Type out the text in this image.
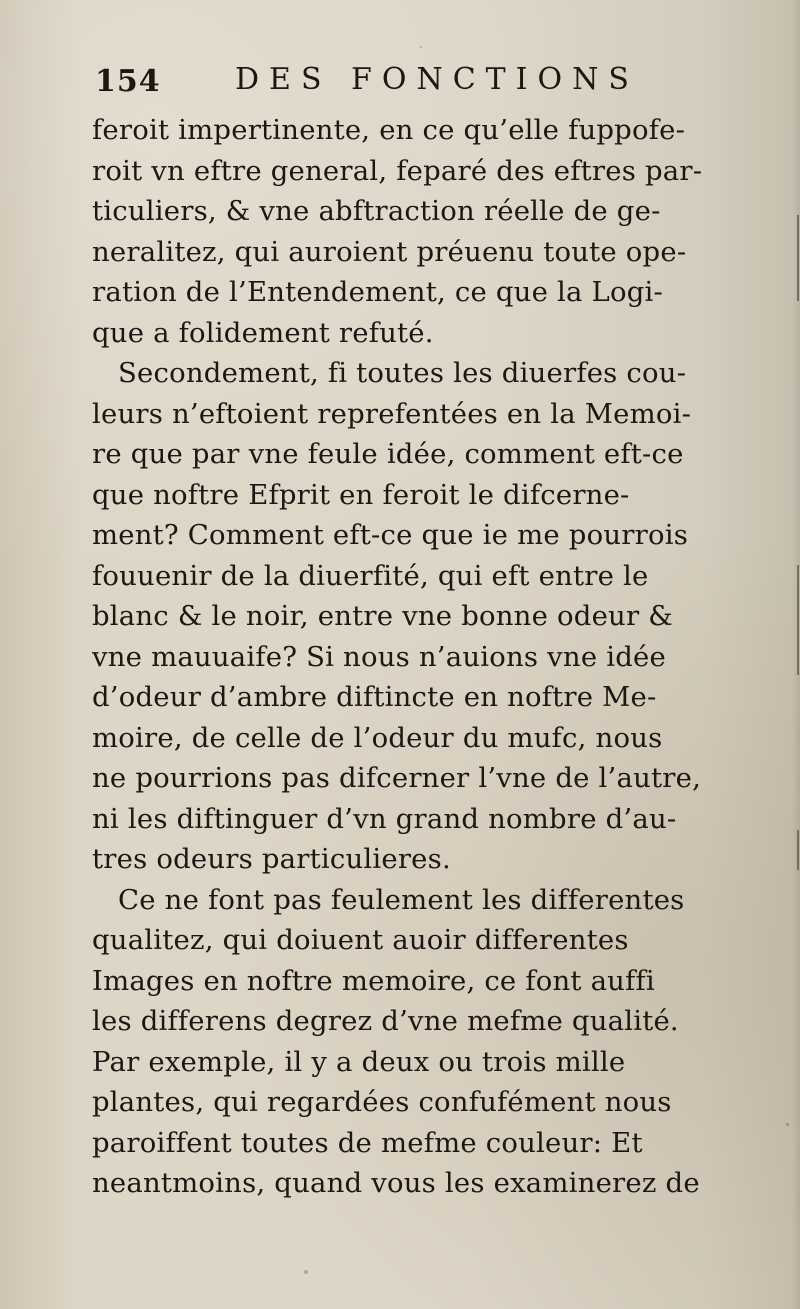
154 DES FONCTIONS
feroit impertinente, en ce qu’elle fuppofe-
roit vn eftre general, feparé des eftres par-
ticuliers, & vne abftraction réelle de ge-
neralitez, qui auroient préuenu toute ope-
ration de l’Entendement, ce que la Logi-
que a folidement refuté.
Secondement, fi toutes les diuerfes cou-
leurs n’eftoient reprefentées en la Memoi-
re que par vne feule idée, comment eft-ce
que noftre Efprit en feroit le difcerne-
ment? Comment eft-ce que ie me pourrois
fouuenir de la diuerfité, qui eft entre le
blanc & le noir, entre vne bonne odeur &
vne mauuaife? Si nous n’auions vne idée
d’odeur d’ambre diftincte en noftre Me-
moire, de celle de l’odeur du mufc, nous
ne pourrions pas difcerner l’vne de l’autre,
ni les diftinguer d’vn grand nombre d’au-
tres odeurs particulieres.
Ce ne font pas feulement les differentes
qualitez, qui doiuent auoir differentes
Images en noftre memoire, ce font auffi
les differens degrez d’vne mefme qualité.
Par exemple, il y a deux ou trois mille
plantes, qui regardées confufément nous
paroiffent toutes de mefme couleur: Et
neantmoins, quand vous les examinerez de
